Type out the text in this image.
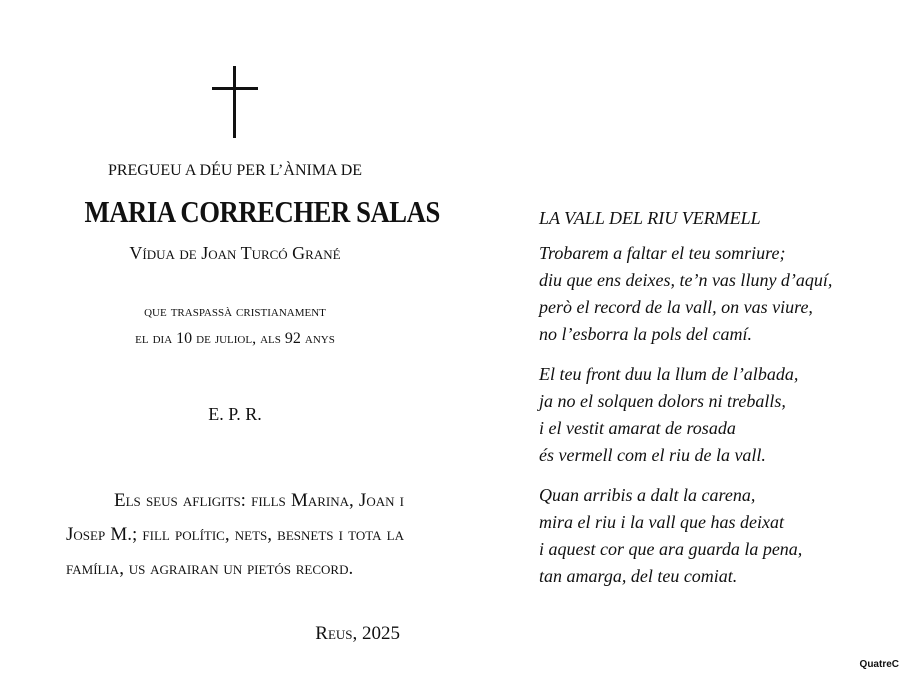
PREGUEU A DÉU PER L’ÀNIMA DE
MARIA CORRECHER SALAS
Vídua de Joan Turcó Grané
que traspassà cristianament
el dia 10 de juliol, als 92 anys
E. P. R.

Els seus afligits: fills Marina, Joan i Josep M.; fill polític, nets, besnets i tota la família, us agrairan un pietós record.

Reus, 2025
LA VALL DEL RIU VERMELL
Trobarem a faltar el teu somriure;
diu que ens deixes, te’n vas lluny d’aquí,
però el record de la vall, on vas viure,
no l’esborra la pols del camí.
El teu front duu la llum de l’albada,
ja no el solquen dolors ni treballs,
i el vestit amarat de rosada
és vermell com el riu de la vall.
Quan arribis a dalt la carena,
mira el riu i la vall que has deixat
i aquest cor que ara guarda la pena,
tan amarga, del teu comiat.
QuatreC
